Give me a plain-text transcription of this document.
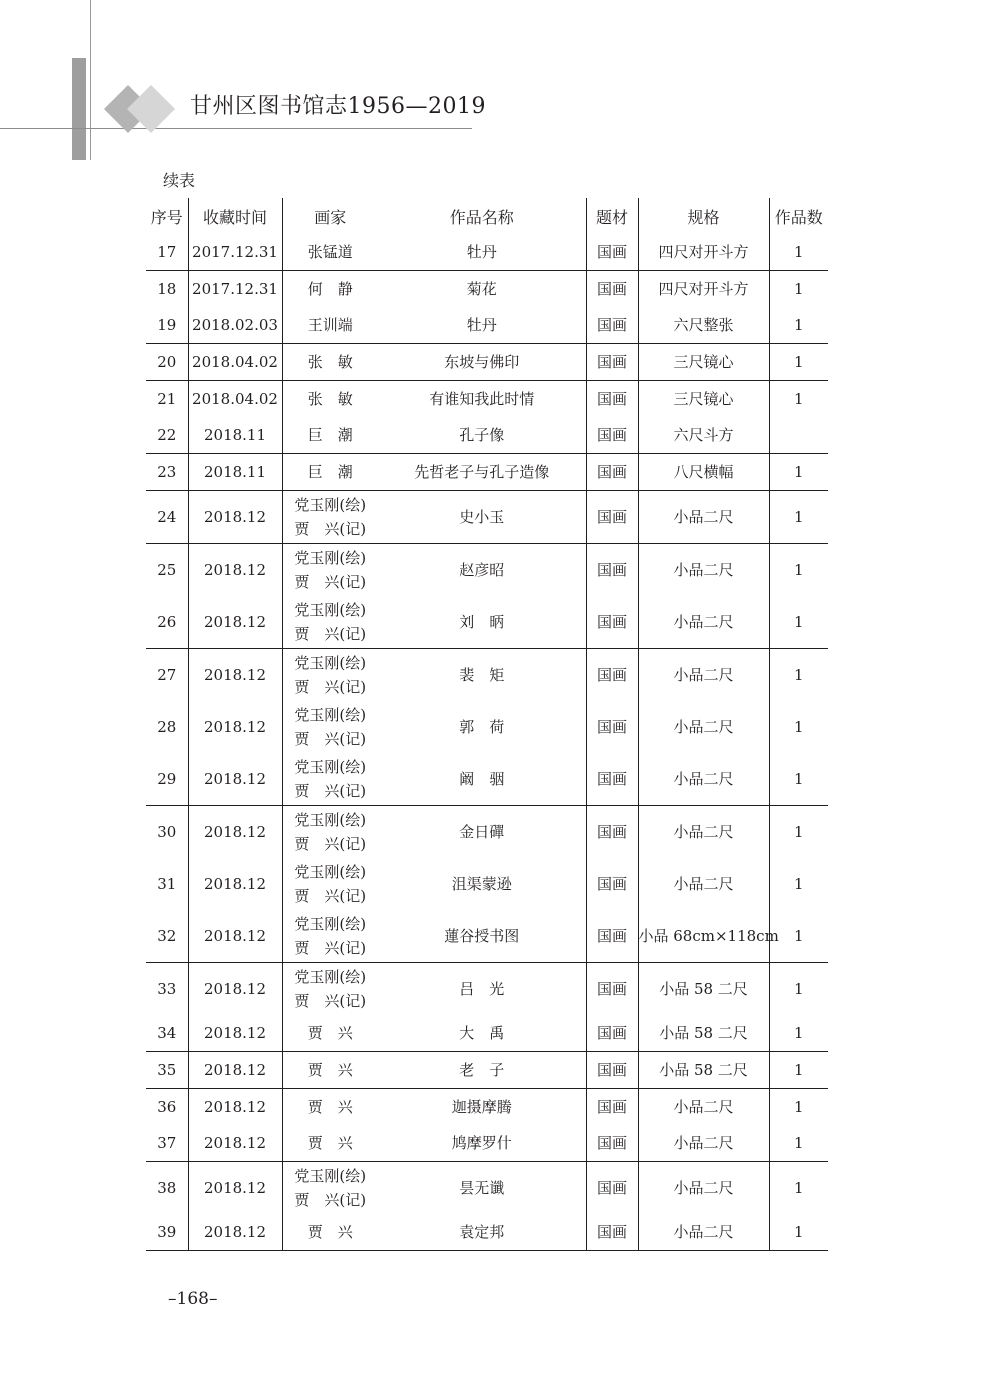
甘州区图书馆志1956—2019
续表
序号	收藏时间	画家	作品名称	题材	规格	作品数
17	2017.12.31	张锰道	牡丹	国画	四尺对开斗方	1
18	2017.12.31	何　静	菊花	国画	四尺对开斗方	1
19	2018.02.03	王训端	牡丹	国画	六尺整张	1
20	2018.04.02	张　敏	东坡与佛印	国画	三尺镜心	1
21	2018.04.02	张　敏	有谁知我此时情	国画	三尺镜心	1
22	2018.11	巨　潮	孔子像	国画	六尺斗方	
23	2018.11	巨　潮	先哲老子与孔子造像	国画	八尺横幅	1
24	2018.12	党玉刚(绘)
贾　兴(记)	史小玉	国画	小品二尺	1
25	2018.12	党玉刚(绘)
贾　兴(记)	赵彦昭	国画	小品二尺	1
26	2018.12	党玉刚(绘)
贾　兴(记)	刘　昞	国画	小品二尺	1
27	2018.12	党玉刚(绘)
贾　兴(记)	裴　矩	国画	小品二尺	1
28	2018.12	党玉刚(绘)
贾　兴(记)	郭　荷	国画	小品二尺	1
29	2018.12	党玉刚(绘)
贾　兴(记)	阚　骃	国画	小品二尺	1
30	2018.12	党玉刚(绘)
贾　兴(记)	金日磾	国画	小品二尺	1
31	2018.12	党玉刚(绘)
贾　兴(记)	沮渠蒙逊	国画	小品二尺	1
32	2018.12	党玉刚(绘)
贾　兴(记)	蓮谷授书图	国画	小品 68cm×118cm	1
33	2018.12	党玉刚(绘)
贾　兴(记)	吕　光	国画	小品 58 二尺	1
34	2018.12	贾　兴	大　禹	国画	小品 58 二尺	1
35	2018.12	贾　兴	老　子	国画	小品 58 二尺	1
36	2018.12	贾　兴	迦摄摩腾	国画	小品二尺	1
37	2018.12	贾　兴	鸠摩罗什	国画	小品二尺	1
38	2018.12	党玉刚(绘)
贾　兴(记)	昙无谶	国画	小品二尺	1
39	2018.12	贾　兴	袁定邦	国画	小品二尺	1
–168–
